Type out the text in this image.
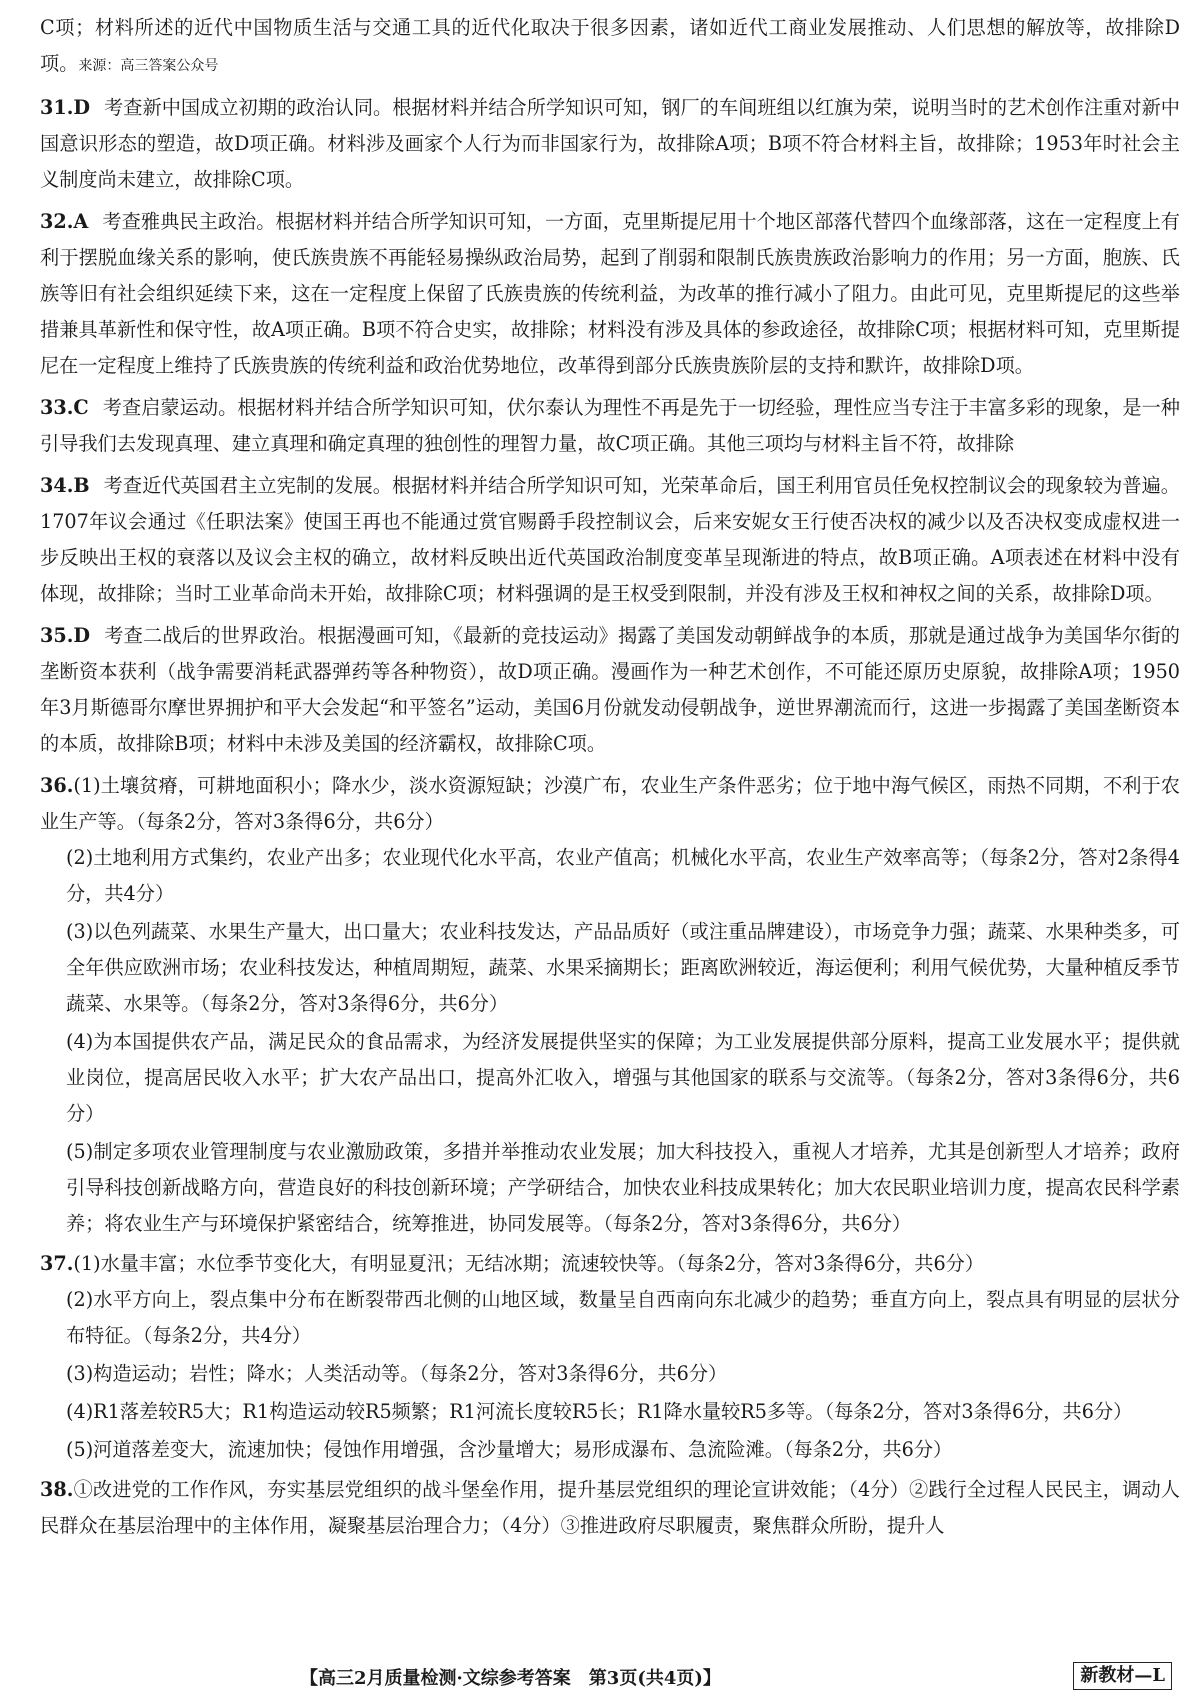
C项；材料所述的近代中国物质生活与交通工具的近代化取决于很多因素，诸如近代工商业发展推动、人们思想的解放等，故排除D项。来源：高三答案公众号

31.D 考查新中国成立初期的政治认同。根据材料并结合所学知识可知，钢厂的车间班组以红旗为荣，说明当时的艺术创作注重对新中国意识形态的塑造，故D项正确。材料涉及画家个人行为而非国家行为，故排除A项；B项不符合材料主旨，故排除；1953年时社会主义制度尚未建立，故排除C项。

32.A 考查雅典民主政治。根据材料并结合所学知识可知，一方面，克里斯提尼用十个地区部落代替四个血缘部落，这在一定程度上有利于摆脱血缘关系的影响，使氏族贵族不再能轻易操纵政治局势，起到了削弱和限制氏族贵族政治影响力的作用；另一方面，胞族、氏族等旧有社会组织延续下来，这在一定程度上保留了氏族贵族的传统利益，为改革的推行减小了阻力。由此可见，克里斯提尼的这些举措兼具革新性和保守性，故A项正确。B项不符合史实，故排除；材料没有涉及具体的参政途径，故排除C项；根据材料可知，克里斯提尼在一定程度上维持了氏族贵族的传统利益和政治优势地位，改革得到部分氏族贵族阶层的支持和默许，故排除D项。

33.C 考查启蒙运动。根据材料并结合所学知识可知，伏尔泰认为理性不再是先于一切经验，理性应当专注于丰富多彩的现象，是一种引导我们去发现真理、建立真理和确定真理的独创性的理智力量，故C项正确。其他三项均与材料主旨不符，故排除

34.B 考查近代英国君主立宪制的发展。根据材料并结合所学知识可知，光荣革命后，国王利用官员任免权控制议会的现象较为普遍。1707年议会通过《任职法案》使国王再也不能通过赏官赐爵手段控制议会，后来安妮女王行使否决权的减少以及否决权变成虚权进一步反映出王权的衰落以及议会主权的确立，故材料反映出近代英国政治制度变革呈现渐进的特点，故B项正确。A项表述在材料中没有体现，故排除；当时工业革命尚未开始，故排除C项；材料强调的是王权受到限制，并没有涉及王权和神权之间的关系，故排除D项。

35.D 考查二战后的世界政治。根据漫画可知，《最新的竞技运动》揭露了美国发动朝鲜战争的本质，那就是通过战争为美国华尔街的垄断资本获利（战争需要消耗武器弹药等各种物资），故D项正确。漫画作为一种艺术创作，不可能还原历史原貌，故排除A项；1950年3月斯德哥尔摩世界拥护和平大会发起“和平签名”运动，美国6月份就发动侵朝战争，逆世界潮流而行，这进一步揭露了美国垄断资本的本质，故排除B项；材料中未涉及美国的经济霸权，故排除C项。

36.(1)土壤贫瘠，可耕地面积小；降水少，淡水资源短缺；沙漠广布，农业生产条件恶劣；位于地中海气候区，雨热不同期，不利于农业生产等。（每条2分，答对3条得6分，共6分）

(2)土地利用方式集约，农业产出多；农业现代化水平高，农业产值高；机械化水平高，农业生产效率高等；（每条2分，答对2条得4分，共4分）

(3)以色列蔬菜、水果生产量大，出口量大；农业科技发达，产品品质好（或注重品牌建设），市场竞争力强；蔬菜、水果种类多，可全年供应欧洲市场；农业科技发达，种植周期短，蔬菜、水果采摘期长；距离欧洲较近，海运便利；利用气候优势，大量种植反季节蔬菜、水果等。（每条2分，答对3条得6分，共6分）

(4)为本国提供农产品，满足民众的食品需求，为经济发展提供坚实的保障；为工业发展提供部分原料，提高工业发展水平；提供就业岗位，提高居民收入水平；扩大农产品出口，提高外汇收入，增强与其他国家的联系与交流等。（每条2分，答对3条得6分，共6分）

(5)制定多项农业管理制度与农业激励政策，多措并举推动农业发展；加大科技投入，重视人才培养，尤其是创新型人才培养；政府引导科技创新战略方向，营造良好的科技创新环境；产学研结合，加快农业科技成果转化；加大农民职业培训力度，提高农民科学素养；将农业生产与环境保护紧密结合，统筹推进，协同发展等。（每条2分，答对3条得6分，共6分）

37.(1)水量丰富；水位季节变化大，有明显夏汛；无结冰期；流速较快等。（每条2分，答对3条得6分，共6分）

(2)水平方向上，裂点集中分布在断裂带西北侧的山地区域，数量呈自西南向东北减少的趋势；垂直方向上，裂点具有明显的层状分布特征。（每条2分，共4分）

(3)构造运动；岩性；降水；人类活动等。（每条2分，答对3条得6分，共6分）

(4)R1落差较R5大；R1构造运动较R5频繁；R1河流长度较R5长；R1降水量较R5多等。（每条2分，答对3条得6分，共6分）

(5)河道落差变大，流速加快；侵蚀作用增强，含沙量增大；易形成瀑布、急流险滩。（每条2分，共6分）

38.①改进党的工作作风，夯实基层党组织的战斗堡垒作用，提升基层党组织的理论宣讲效能；（4分）②践行全过程人民民主，调动人民群众在基层治理中的主体作用，凝聚基层治理合力；（4分）③推进政府尽职履责，聚焦群众所盼，提升人

【高三2月质量检测·文综参考答案　第3页(共4页)】	新教材—L
